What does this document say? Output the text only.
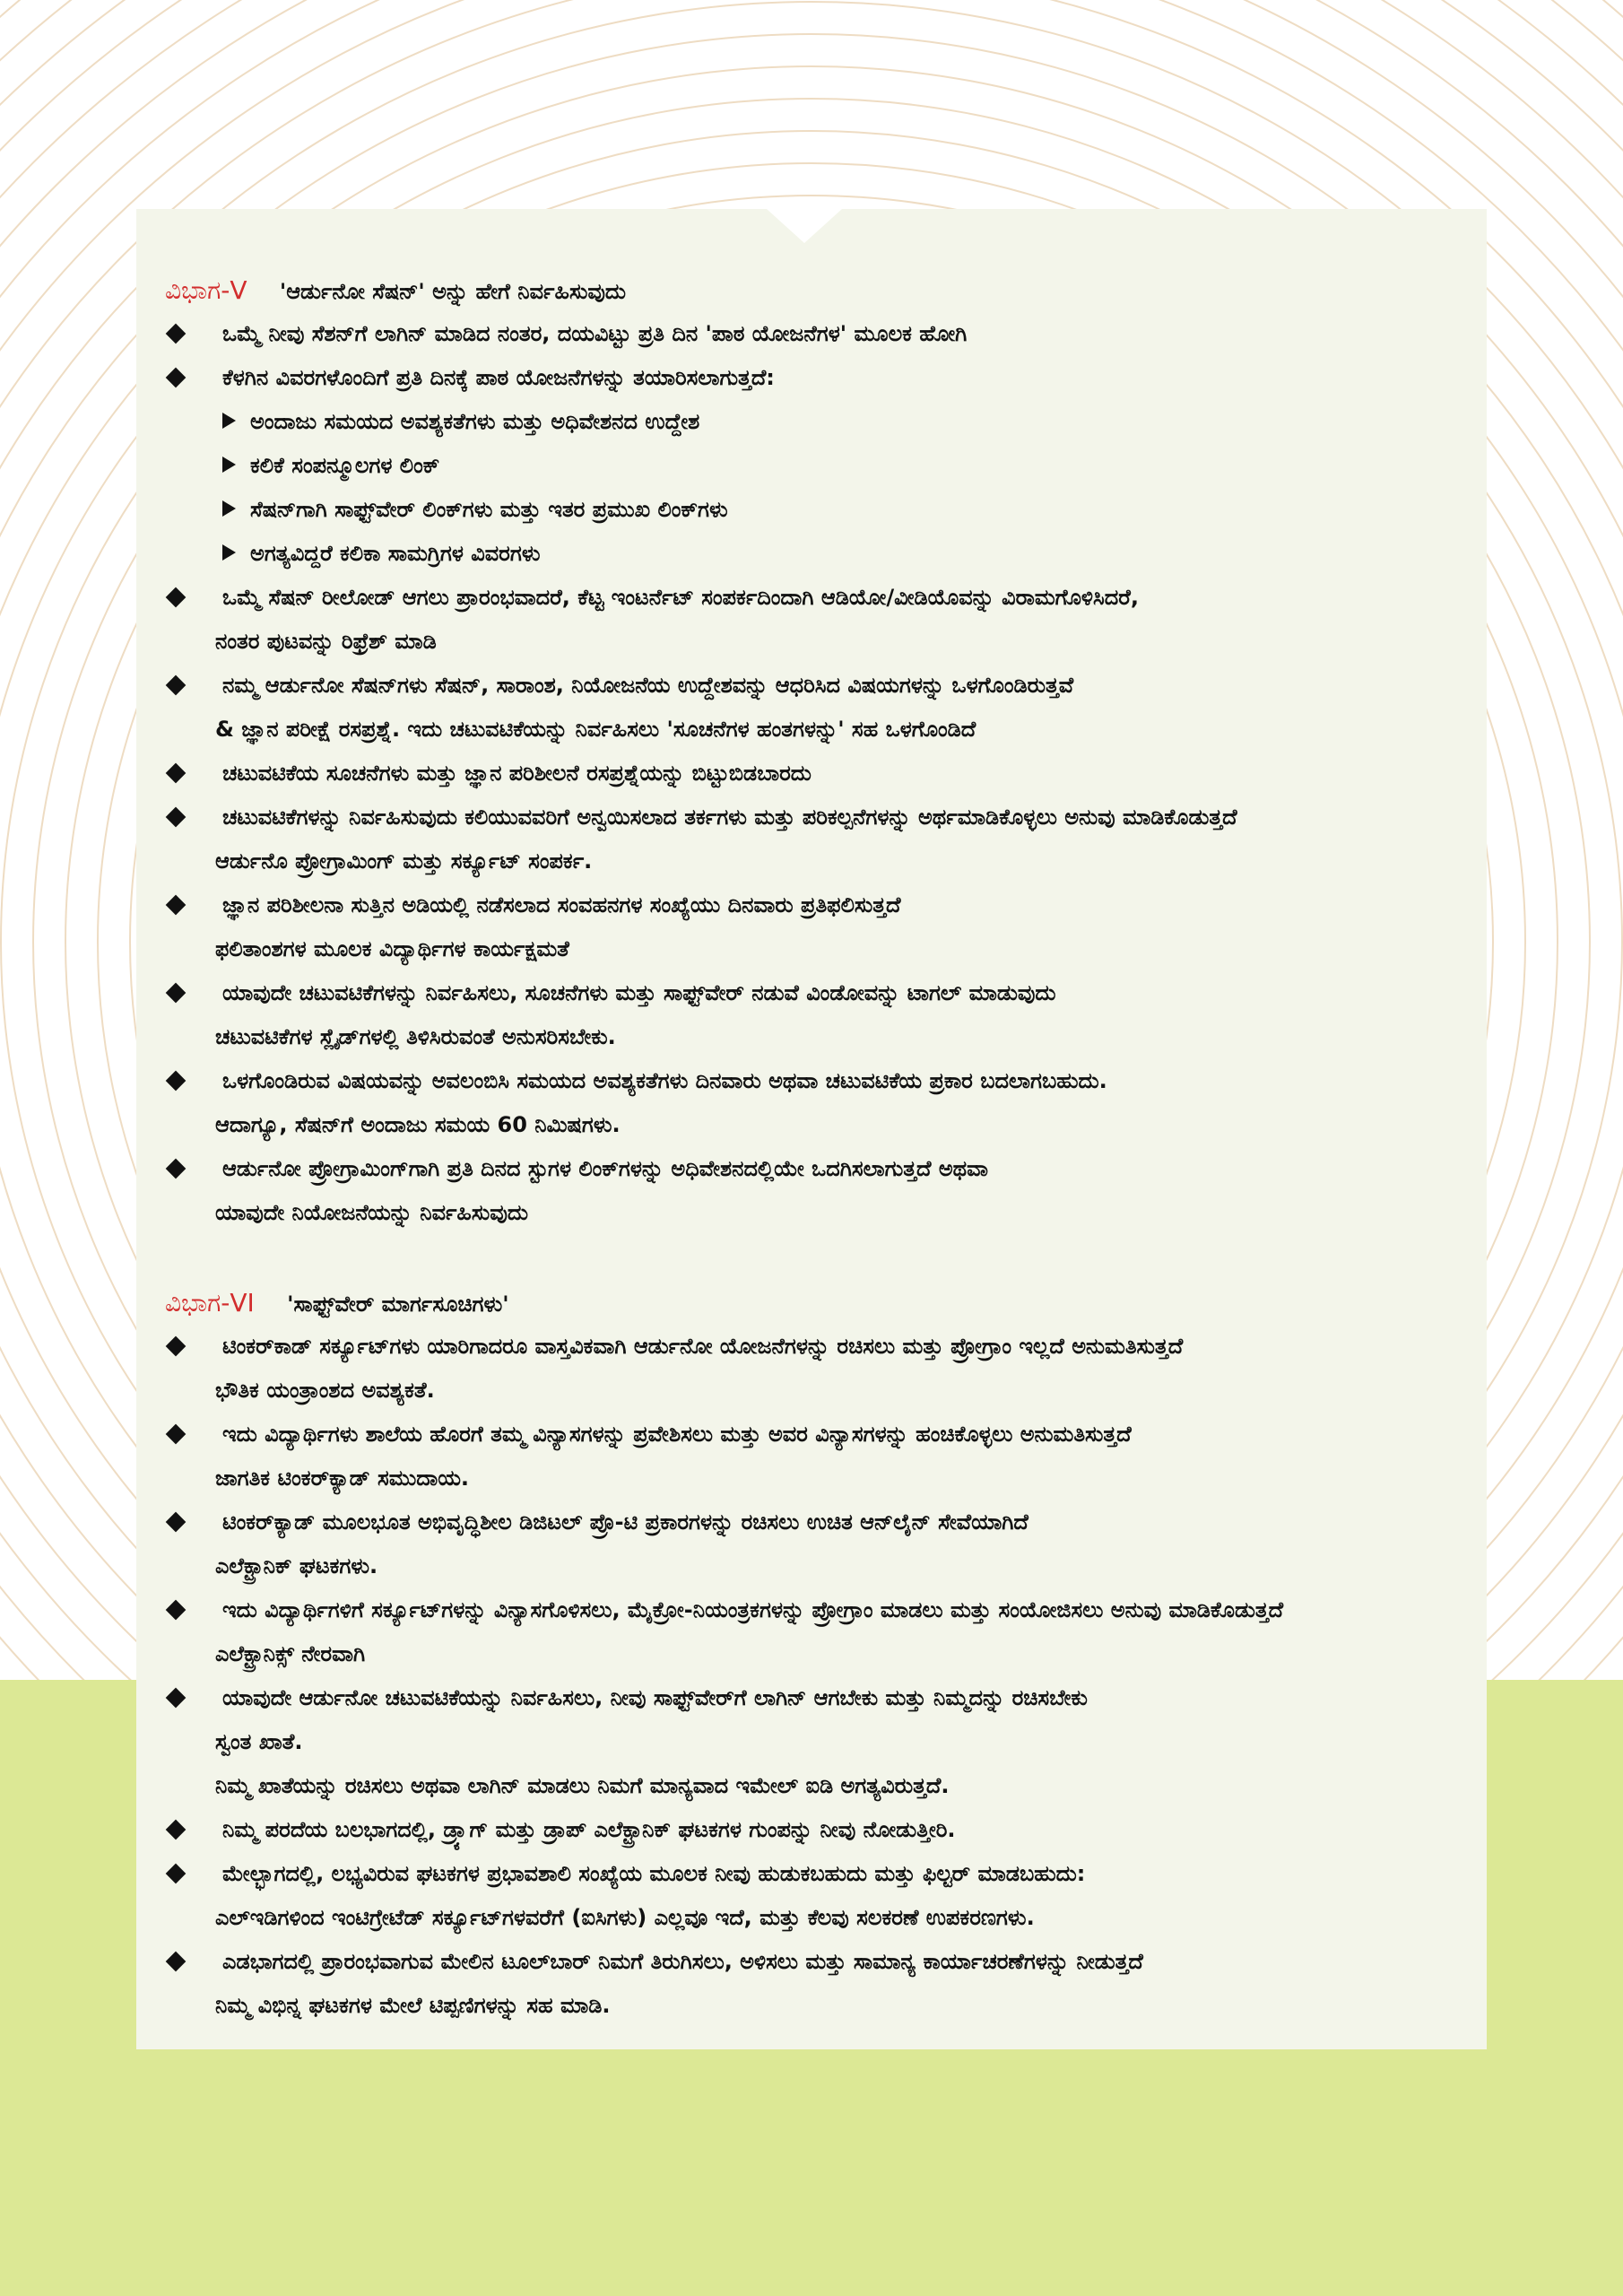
ವಿಭಾಗ-V 'ಆರ್ಡುನೋ ಸೆಷನ್' ಅನ್ನು ಹೇಗೆ ನಿರ್ವಹಿಸುವುದು
ಒಮ್ಮೆ ನೀವು ಸೆಶನ್‌ಗೆ ಲಾಗಿನ್ ಮಾಡಿದ ನಂತರ, ದಯವಿಟ್ಟು ಪ್ರತಿ ದಿನ 'ಪಾಠ ಯೋಜನೆಗಳ' ಮೂಲಕ ಹೋಗಿ
ಕೆಳಗಿನ ವಿವರಗಳೊಂದಿಗೆ ಪ್ರತಿ ದಿನಕ್ಕೆ ಪಾಠ ಯೋಜನೆಗಳನ್ನು ತಯಾರಿಸಲಾಗುತ್ತದೆ:
ಅಂದಾಜು ಸಮಯದ ಅವಶ್ಯಕತೆಗಳು ಮತ್ತು ಅಧಿವೇಶನದ ಉದ್ದೇಶ
ಕಲಿಕೆ ಸಂಪನ್ಮೂಲಗಳ ಲಿಂಕ್
ಸೆಷನ್‌ಗಾಗಿ ಸಾಫ್ಟ್‌ವೇರ್ ಲಿಂಕ್‌ಗಳು ಮತ್ತು ಇತರ ಪ್ರಮುಖ ಲಿಂಕ್‌ಗಳು
ಅಗತ್ಯವಿದ್ದರೆ ಕಲಿಕಾ ಸಾಮಗ್ರಿಗಳ ವಿವರಗಳು
ಒಮ್ಮೆ ಸೆಷನ್ ರೀಲೋಡ್ ಆಗಲು ಪ್ರಾರಂಭವಾದರೆ, ಕೆಟ್ಟ ಇಂಟರ್ನೆಟ್ ಸಂಪರ್ಕದಿಂದಾಗಿ ಆಡಿಯೋ/ವೀಡಿಯೊವನ್ನು ವಿರಾಮಗೊಳಿಸಿದರೆ,
ನಂತರ ಪುಟವನ್ನು ರಿಫ್ರೆಶ್ ಮಾಡಿ
ನಮ್ಮ ಆರ್ಡುನೋ ಸೆಷನ್‌ಗಳು ಸೆಷನ್, ಸಾರಾಂಶ, ನಿಯೋಜನೆಯ ಉದ್ದೇಶವನ್ನು ಆಧರಿಸಿದ ವಿಷಯಗಳನ್ನು ಒಳಗೊಂಡಿರುತ್ತವೆ
& ಜ್ಞಾನ ಪರೀಕ್ಷೆ ರಸಪ್ರಶ್ನೆ. ಇದು ಚಟುವಟಿಕೆಯನ್ನು ನಿರ್ವಹಿಸಲು 'ಸೂಚನೆಗಳ ಹಂತಗಳನ್ನು' ಸಹ ಒಳಗೊಂಡಿದೆ
ಚಟುವಟಿಕೆಯ ಸೂಚನೆಗಳು ಮತ್ತು ಜ್ಞಾನ ಪರಿಶೀಲನೆ ರಸಪ್ರಶ್ನೆಯನ್ನು ಬಿಟ್ಟುಬಿಡಬಾರದು
ಚಟುವಟಿಕೆಗಳನ್ನು ನಿರ್ವಹಿಸುವುದು ಕಲಿಯುವವರಿಗೆ ಅನ್ವಯಿಸಲಾದ ತರ್ಕಗಳು ಮತ್ತು ಪರಿಕಲ್ಪನೆಗಳನ್ನು ಅರ್ಥಮಾಡಿಕೊಳ್ಳಲು ಅನುವು ಮಾಡಿಕೊಡುತ್ತದೆ
ಆರ್ಡುನೊ ಪ್ರೋಗ್ರಾಮಿಂಗ್ ಮತ್ತು ಸರ್ಕ್ಯೂಟ್ ಸಂಪರ್ಕ.
ಜ್ಞಾನ ಪರಿಶೀಲನಾ ಸುತ್ತಿನ ಅಡಿಯಲ್ಲಿ ನಡೆಸಲಾದ ಸಂವಹನಗಳ ಸಂಖ್ಯೆಯು ದಿನವಾರು ಪ್ರತಿಫಲಿಸುತ್ತದೆ
ಫಲಿತಾಂಶಗಳ ಮೂಲಕ ವಿದ್ಯಾರ್ಥಿಗಳ ಕಾರ್ಯಕ್ಷಮತೆ
ಯಾವುದೇ ಚಟುವಟಿಕೆಗಳನ್ನು ನಿರ್ವಹಿಸಲು, ಸೂಚನೆಗಳು ಮತ್ತು ಸಾಫ್ಟ್‌ವೇರ್ ನಡುವೆ ವಿಂಡೋವನ್ನು ಟಾಗಲ್ ಮಾಡುವುದು
ಚಟುವಟಿಕೆಗಳ ಸ್ಲೈಡ್‌ಗಳಲ್ಲಿ ತಿಳಿಸಿರುವಂತೆ ಅನುಸರಿಸಬೇಕು.
ಒಳಗೊಂಡಿರುವ ವಿಷಯವನ್ನು ಅವಲಂಬಿಸಿ ಸಮಯದ ಅವಶ್ಯಕತೆಗಳು ದಿನವಾರು ಅಥವಾ ಚಟುವಟಿಕೆಯ ಪ್ರಕಾರ ಬದಲಾಗಬಹುದು.
ಆದಾಗ್ಯೂ, ಸೆಷನ್‌ಗೆ ಅಂದಾಜು ಸಮಯ 60 ನಿಮಿಷಗಳು.
ಆರ್ಡುನೋ ಪ್ರೋಗ್ರಾಮಿಂಗ್‌ಗಾಗಿ ಪ್ರತಿ ದಿನದ ಸ್ಟುಗಳ ಲಿಂಕ್‌ಗಳನ್ನು ಅಧಿವೇಶನದಲ್ಲಿಯೇ ಒದಗಿಸಲಾಗುತ್ತದೆ ಅಥವಾ
ಯಾವುದೇ ನಿಯೋಜನೆಯನ್ನು ನಿರ್ವಹಿಸುವುದು
ವಿಭಾಗ-VI 'ಸಾಫ್ಟ್‌ವೇರ್ ಮಾರ್ಗಸೂಚಿಗಳು'
ಟಿಂಕರ್‌ಕಾಡ್ ಸರ್ಕ್ಯೂಟ್‌ಗಳು ಯಾರಿಗಾದರೂ ವಾಸ್ತವಿಕವಾಗಿ ಆರ್ಡುನೋ ಯೋಜನೆಗಳನ್ನು ರಚಿಸಲು ಮತ್ತು ಪ್ರೋಗ್ರಾಂ ಇಲ್ಲದೆ ಅನುಮತಿಸುತ್ತದೆ
ಭೌತಿಕ ಯಂತ್ರಾಂಶದ ಅವಶ್ಯಕತೆ.
ಇದು ವಿದ್ಯಾರ್ಥಿಗಳು ಶಾಲೆಯ ಹೊರಗೆ ತಮ್ಮ ವಿನ್ಯಾಸಗಳನ್ನು ಪ್ರವೇಶಿಸಲು ಮತ್ತು ಅವರ ವಿನ್ಯಾಸಗಳನ್ನು ಹಂಚಿಕೊಳ್ಳಲು ಅನುಮತಿಸುತ್ತದೆ
ಜಾಗತಿಕ ಟಿಂಕರ್‌ಕ್ಯಾಡ್ ಸಮುದಾಯ.
ಟಿಂಕರ್‌ಕ್ಯಾಡ್ ಮೂಲಭೂತ ಅಭಿವೃದ್ಧಿಶೀಲ ಡಿಜಿಟಲ್ ಪ್ರೊ-ಟಿ ಪ್ರಕಾರಗಳನ್ನು ರಚಿಸಲು ಉಚಿತ ಆನ್‌ಲೈನ್ ಸೇವೆಯಾಗಿದೆ
ಎಲೆಕ್ಟ್ರಾನಿಕ್ ಘಟಕಗಳು.
ಇದು ವಿದ್ಯಾರ್ಥಿಗಳಿಗೆ ಸರ್ಕ್ಯೂಟ್‌ಗಳನ್ನು ವಿನ್ಯಾಸಗೊಳಿಸಲು, ಮೈಕ್ರೋ-ನಿಯಂತ್ರಕಗಳನ್ನು ಪ್ರೋಗ್ರಾಂ ಮಾಡಲು ಮತ್ತು ಸಂಯೋಜಿಸಲು ಅನುವು ಮಾಡಿಕೊಡುತ್ತದೆ
ಎಲೆಕ್ಟ್ರಾನಿಕ್ಸ್ ನೇರವಾಗಿ
ಯಾವುದೇ ಆರ್ಡುನೋ ಚಟುವಟಿಕೆಯನ್ನು ನಿರ್ವಹಿಸಲು, ನೀವು ಸಾಫ್ಟ್‌ವೇರ್‌ಗೆ ಲಾಗಿನ್ ಆಗಬೇಕು ಮತ್ತು ನಿಮ್ಮದನ್ನು ರಚಿಸಬೇಕು
ಸ್ವಂತ ಖಾತೆ.
ನಿಮ್ಮ ಖಾತೆಯನ್ನು ರಚಿಸಲು ಅಥವಾ ಲಾಗಿನ್ ಮಾಡಲು ನಿಮಗೆ ಮಾನ್ಯವಾದ ಇಮೇಲ್ ಐಡಿ ಅಗತ್ಯವಿರುತ್ತದೆ.
ನಿಮ್ಮ ಪರದೆಯ ಬಲಭಾಗದಲ್ಲಿ, ಡ್ರ್ಯಾಗ್ ಮತ್ತು ಡ್ರಾಪ್ ಎಲೆಕ್ಟ್ರಾನಿಕ್ ಘಟಕಗಳ ಗುಂಪನ್ನು ನೀವು ನೋಡುತ್ತೀರಿ.
ಮೇಲ್ಭಾಗದಲ್ಲಿ, ಲಭ್ಯವಿರುವ ಘಟಕಗಳ ಪ್ರಭಾವಶಾಲಿ ಸಂಖ್ಯೆಯ ಮೂಲಕ ನೀವು ಹುಡುಕಬಹುದು ಮತ್ತು ಫಿಲ್ಟರ್ ಮಾಡಬಹುದು:
ಎಲ್‌ಇಡಿಗಳಿಂದ ಇಂಟಿಗ್ರೇಟೆಡ್ ಸರ್ಕ್ಯೂಟ್‌ಗಳವರೆಗೆ (ಐಸಿಗಳು) ಎಲ್ಲವೂ ಇದೆ, ಮತ್ತು ಕೆಲವು ಸಲಕರಣೆ ಉಪಕರಣಗಳು.
ಎಡಭಾಗದಲ್ಲಿ ಪ್ರಾರಂಭವಾಗುವ ಮೇಲಿನ ಟೂಲ್‌ಬಾರ್ ನಿಮಗೆ ತಿರುಗಿಸಲು, ಅಳಿಸಲು ಮತ್ತು ಸಾಮಾನ್ಯ ಕಾರ್ಯಾಚರಣೆಗಳನ್ನು ನೀಡುತ್ತದೆ
ನಿಮ್ಮ ವಿಭಿನ್ನ ಘಟಕಗಳ ಮೇಲೆ ಟಿಪ್ಪಣಿಗಳನ್ನು ಸಹ ಮಾಡಿ.
